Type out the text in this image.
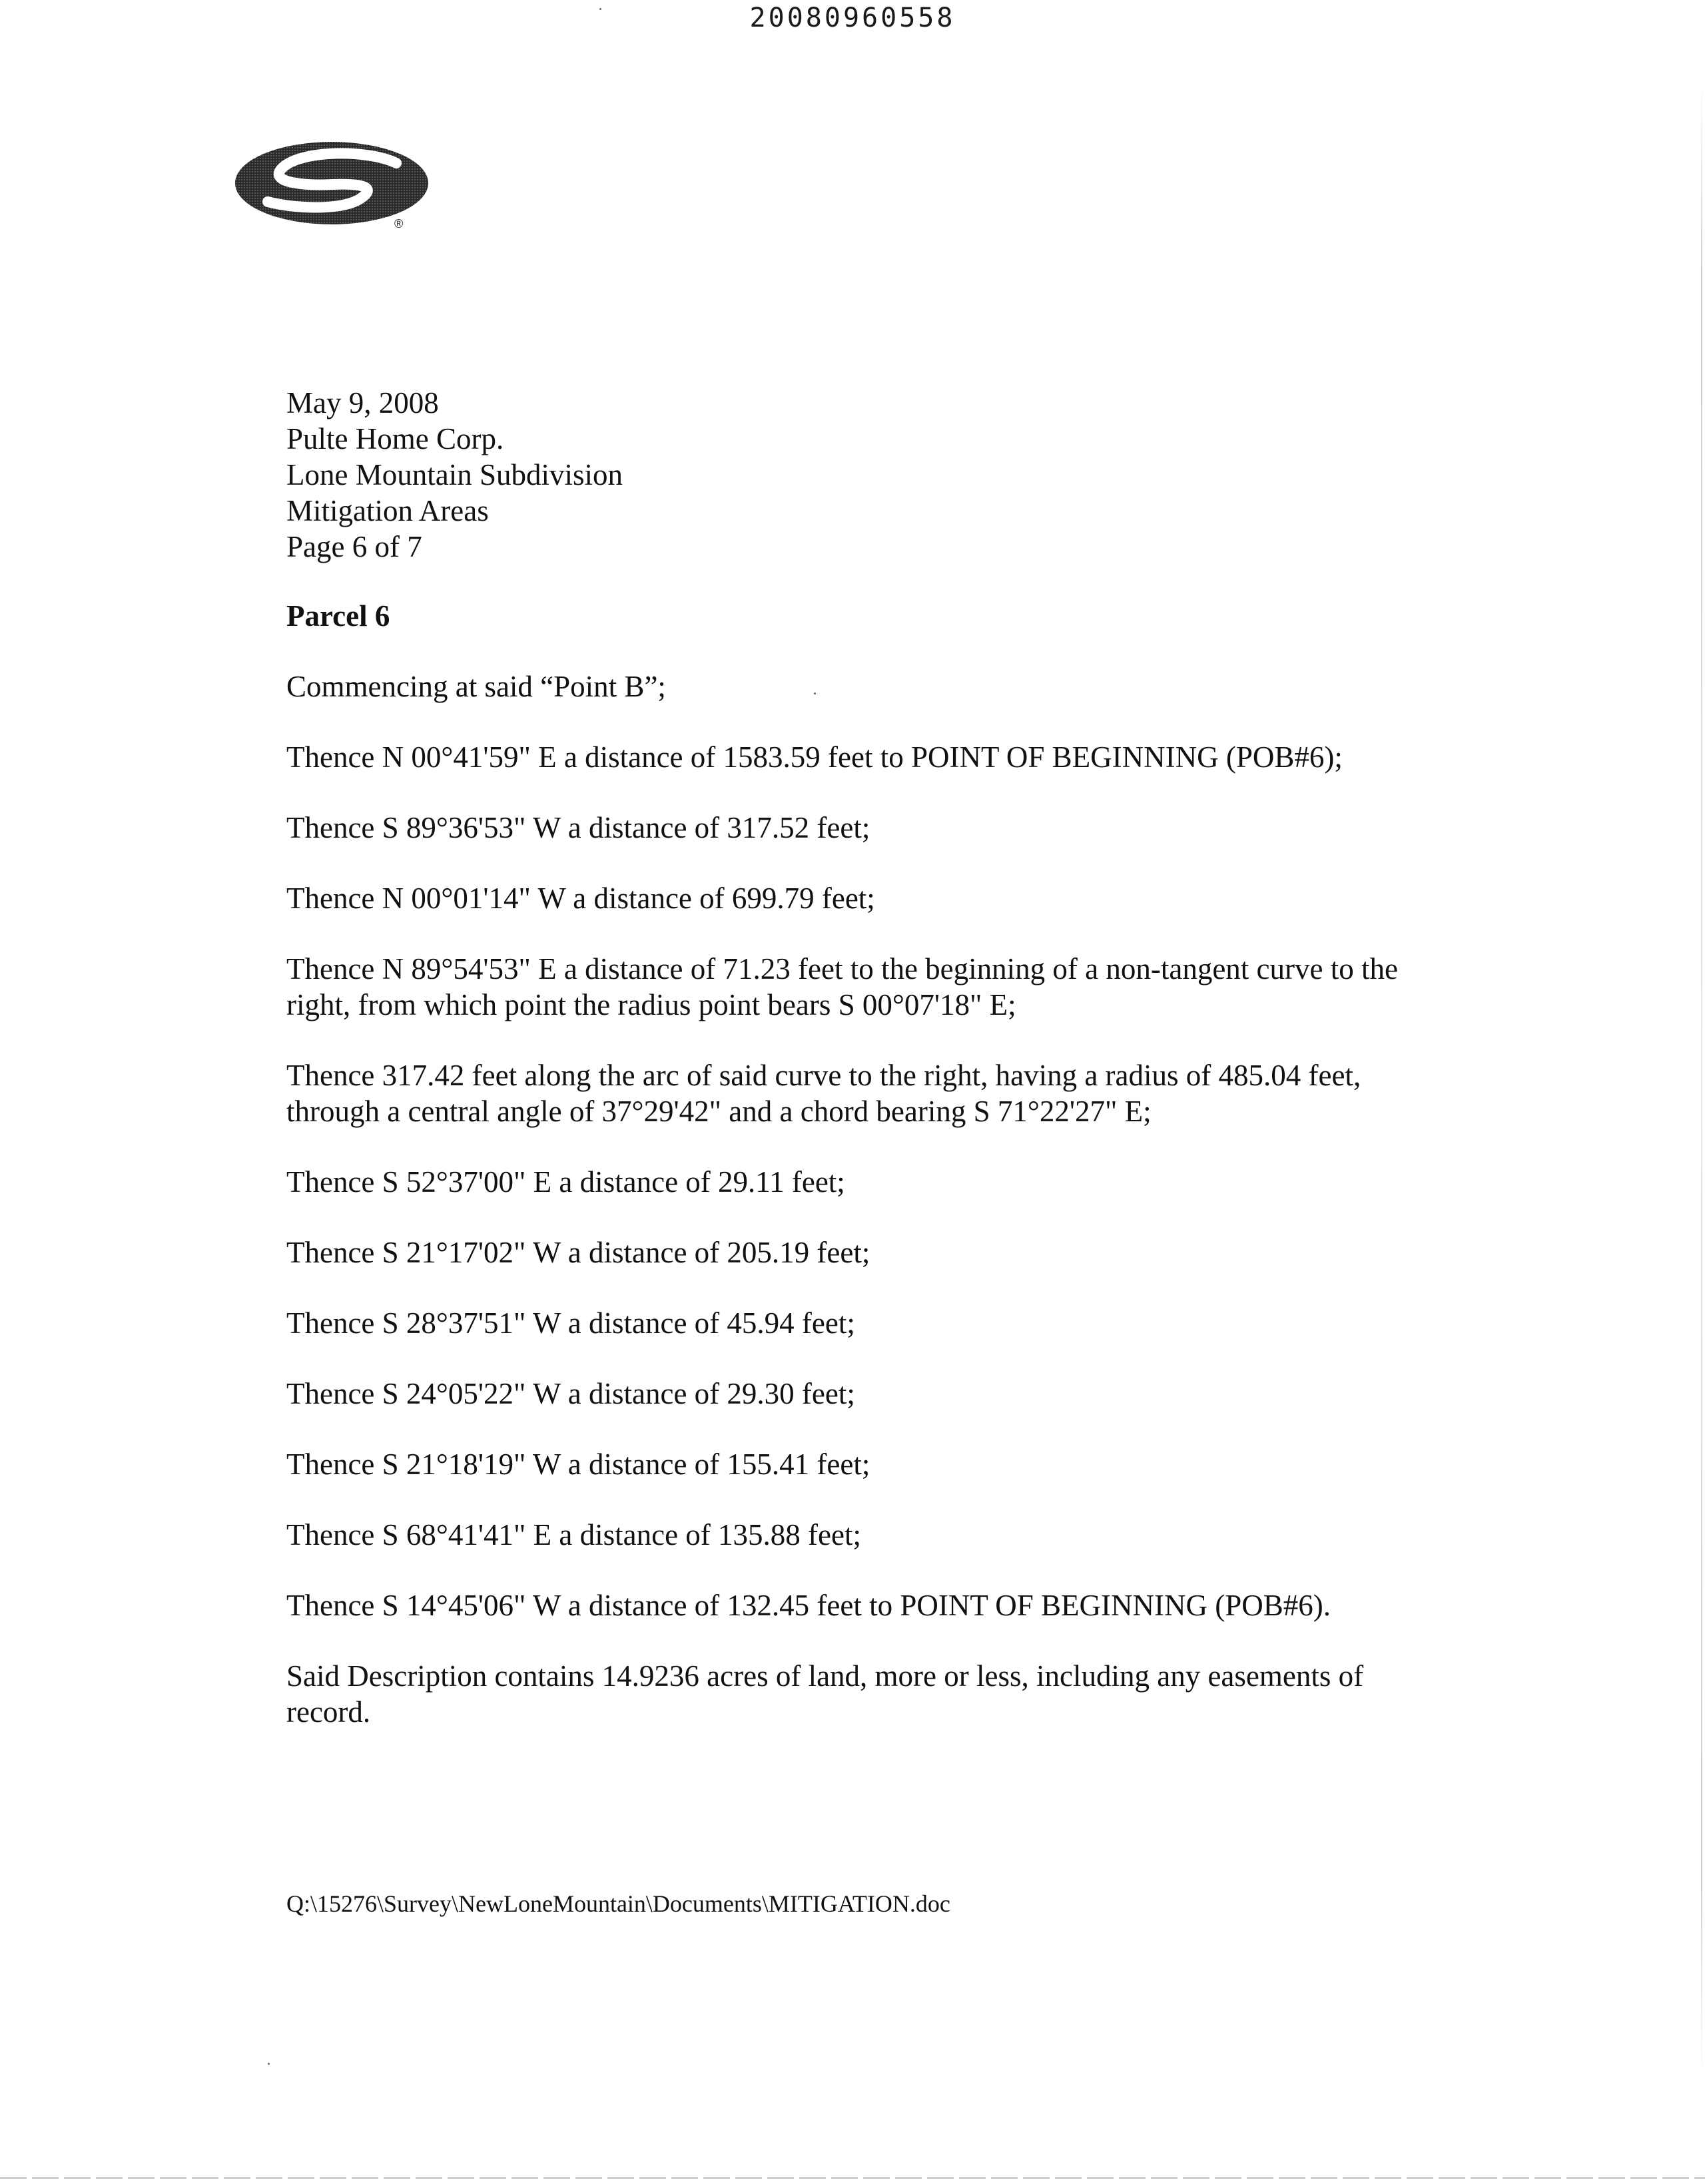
20080960558
®
May 9, 2008
Pulte Home Corp.
Lone Mountain Subdivision
Mitigation Areas
Page 6 of 7
Parcel 6

Commencing at said “Point B”;

Thence N 00°41'59" E a distance of 1583.59 feet to POINT OF BEGINNING (POB#6);

Thence S 89°36'53" W a distance of 317.52 feet;

Thence N 00°01'14" W a distance of 699.79 feet;

Thence N 89°54'53" E a distance of 71.23 feet to the beginning of a non-tangent curve to the right, from which point the radius point bears S 00°07'18" E;

Thence 317.42 feet along the arc of said curve to the right, having a radius of 485.04 feet, through a central angle of 37°29'42" and a chord bearing S 71°22'27" E;

Thence S 52°37'00" E a distance of 29.11 feet;

Thence S 21°17'02" W a distance of 205.19 feet;

Thence S 28°37'51" W a distance of 45.94 feet;

Thence S 24°05'22" W a distance of 29.30 feet;

Thence S 21°18'19" W a distance of 155.41 feet;

Thence S 68°41'41" E a distance of 135.88 feet;

Thence S 14°45'06" W a distance of 132.45 feet to POINT OF BEGINNING (POB#6).

Said Description contains 14.9236 acres of land, more or less, including any easements of record.

Q:\15276\Survey\NewLoneMountain\Documents\MITIGATION.doc
